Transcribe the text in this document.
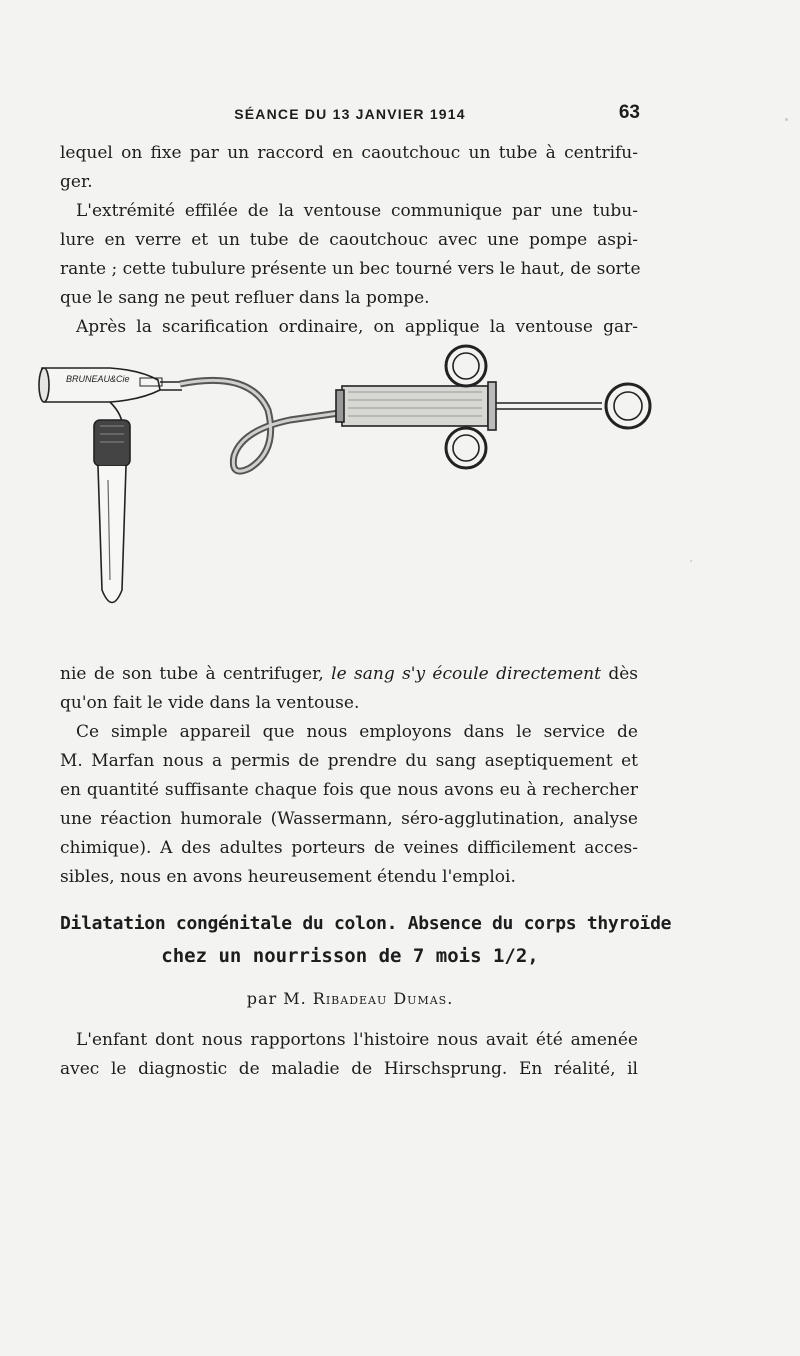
SÉANCE DU 13 JANVIER 1914	63
lequel on fixe par un raccord en caoutchouc un tube à centrifu-
ger.
L'extrémité effilée de la ventouse communique par une tubu-
lure en verre et un tube de caoutchouc avec une pompe aspi-
rante ; cette tubulure présente un bec tourné vers le haut, de sorte
que le sang ne peut refluer dans la pompe.
Après la scarification ordinaire, on applique la ventouse gar-
BRUNEAU&Cie
nie de son tube à centrifuger, le sang s'y écoule directement dès
qu'on fait le vide dans la ventouse.
Ce simple appareil que nous employons dans le service de
M. Marfan nous a permis de prendre du sang aseptiquement et
en quantité suffisante chaque fois que nous avons eu à rechercher
une réaction humorale (Wassermann, séro-agglutination, analyse
chimique). A des adultes porteurs de veines difficilement acces-
sibles, nous en avons heureusement étendu l'emploi.
Dilatation congénitale du colon. Absence du corps thyroïde
chez un nourrisson de 7 mois 1/2,
par M. Ribadeau Dumas.
L'enfant dont nous rapportons l'histoire nous avait été amenée
avec le diagnostic de maladie de Hirschsprung. En réalité, il
